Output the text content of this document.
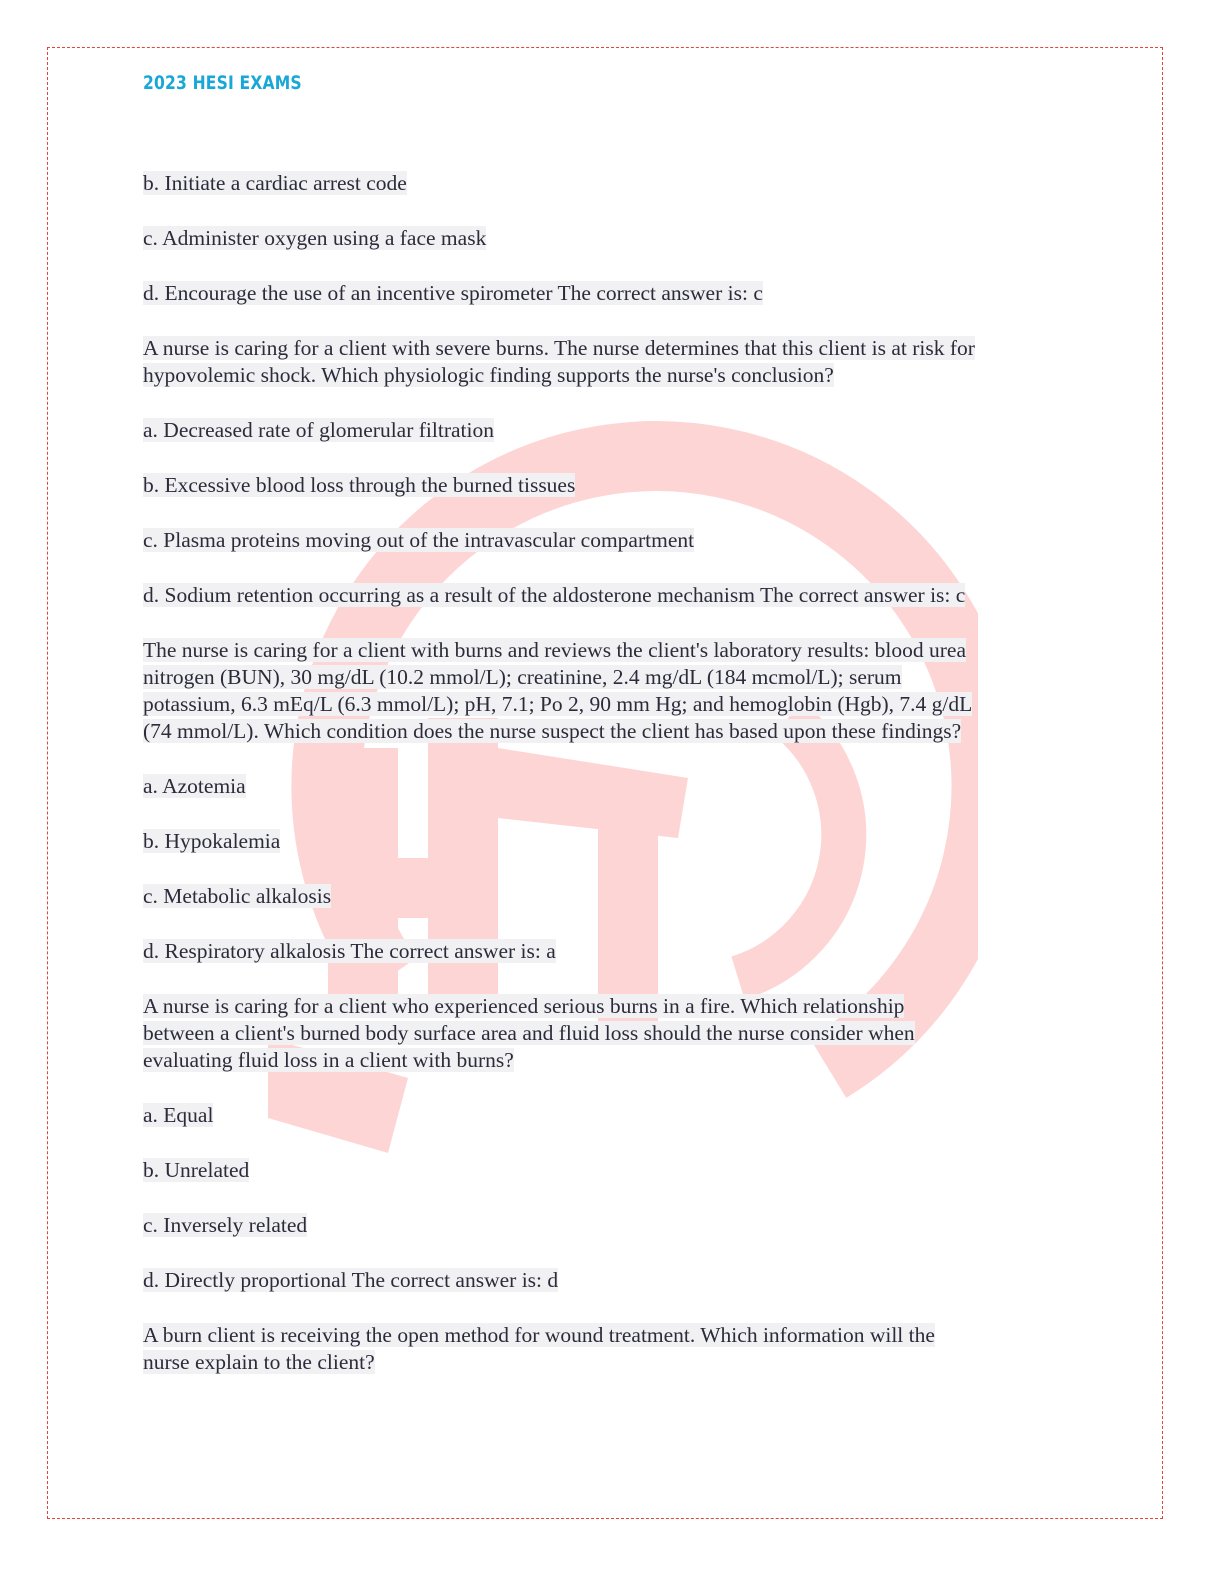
2023 HESI EXAMS
b. Initiate a cardiac arrest code
c. Administer oxygen using a face mask
d. Encourage the use of an incentive spirometer The correct answer is: c
A nurse is caring for a client with severe burns. The nurse determines that this client is at risk for
hypovolemic shock. Which physiologic finding supports the nurse's conclusion?
a. Decreased rate of glomerular filtration
b. Excessive blood loss through the burned tissues
c. Plasma proteins moving out of the intravascular compartment
d. Sodium retention occurring as a result of the aldosterone mechanism The correct answer is: c
The nurse is caring for a client with burns and reviews the client's laboratory results: blood urea
nitrogen (BUN), 30 mg/dL (10.2 mmol/L); creatinine, 2.4 mg/dL (184 mcmol/L); serum
potassium, 6.3 mEq/L (6.3 mmol/L); pH, 7.1; Po 2, 90 mm Hg; and hemoglobin (Hgb), 7.4 g/dL
(74 mmol/L). Which condition does the nurse suspect the client has based upon these findings?
a. Azotemia
b. Hypokalemia
c. Metabolic alkalosis
d. Respiratory alkalosis The correct answer is: a
A nurse is caring for a client who experienced serious burns in a fire. Which relationship
between a client's burned body surface area and fluid loss should the nurse consider when
evaluating fluid loss in a client with burns?
a. Equal
b. Unrelated
c. Inversely related
d. Directly proportional The correct answer is: d
A burn client is receiving the open method for wound treatment. Which information will the
nurse explain to the client?
